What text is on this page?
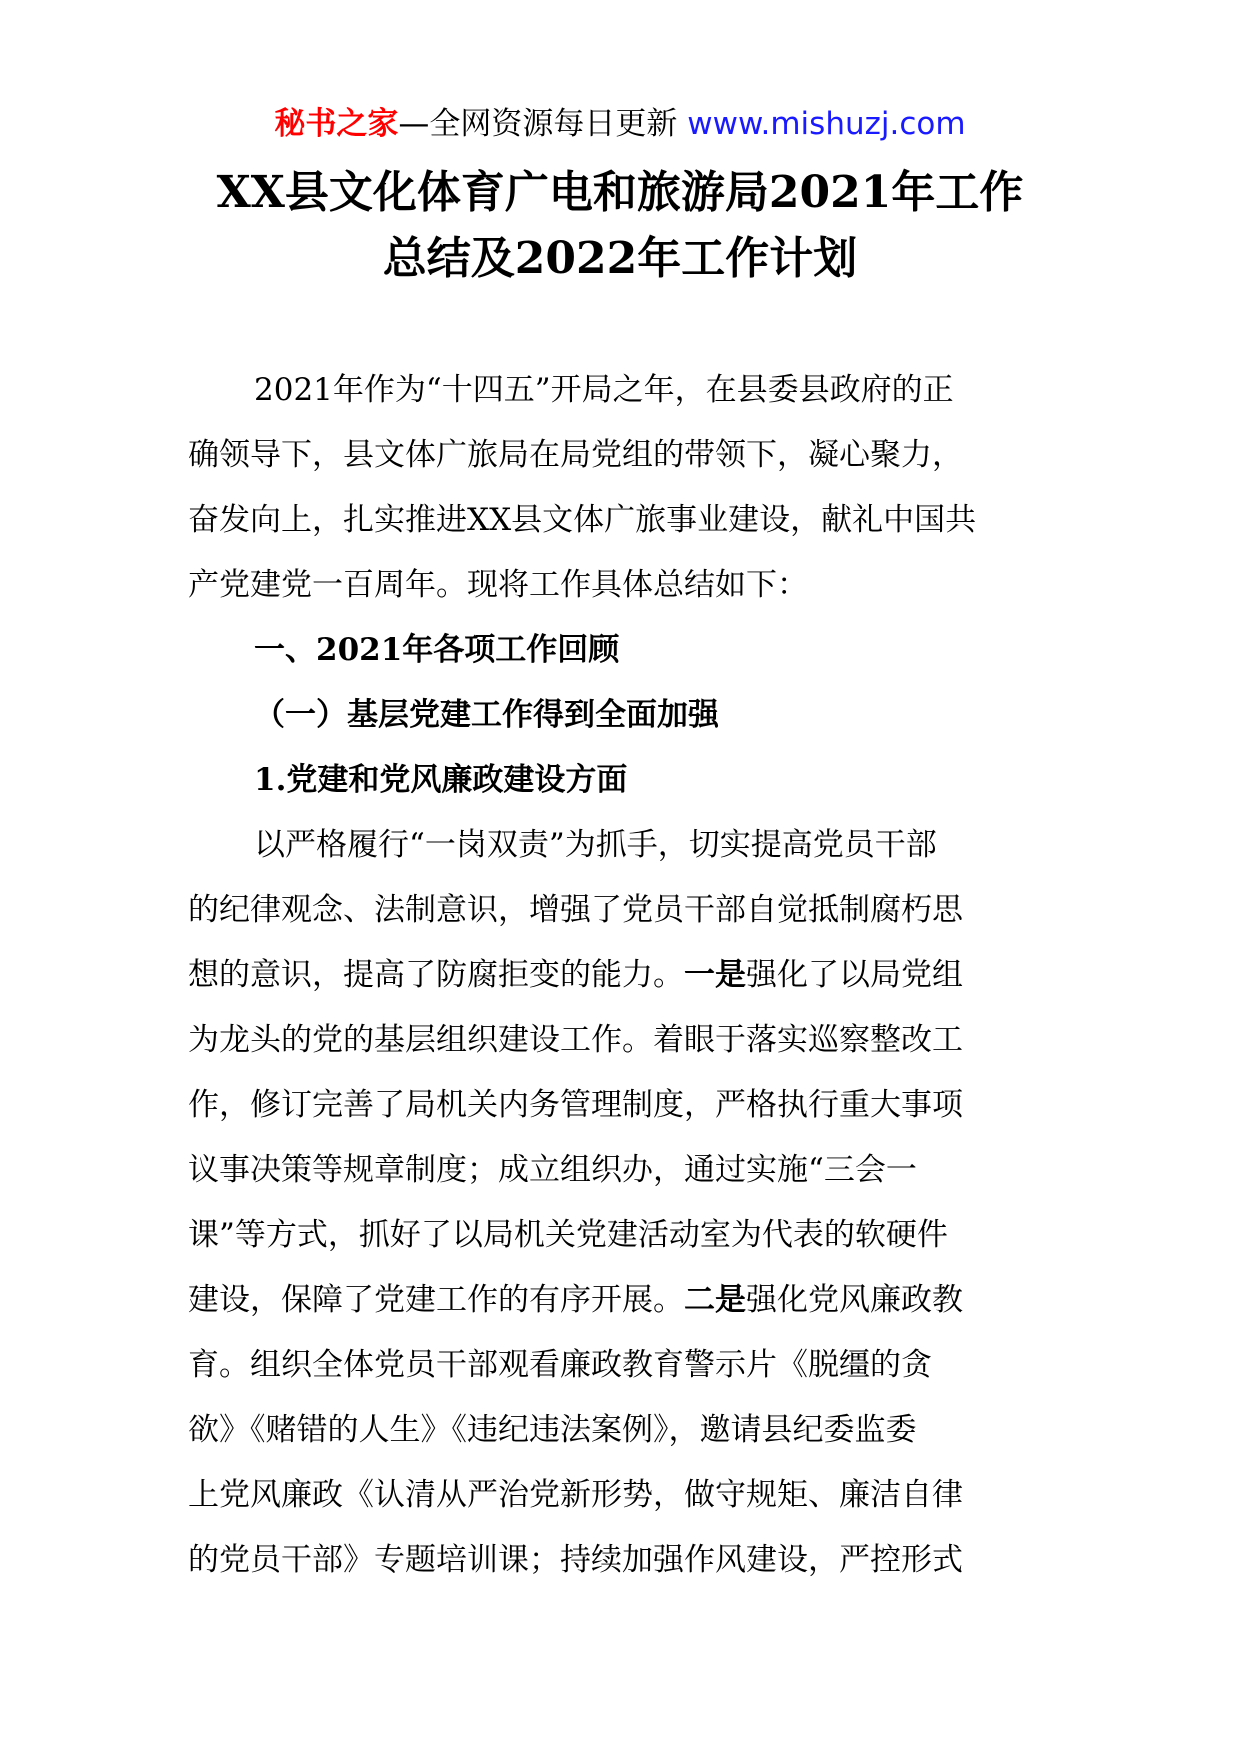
秘书之家—全网资源每日更新 www.mishuzj.com
XX县文化体育广电和旅游局2021年工作
总结及2022年工作计划
2021年作为“十四五”开局之年，在县委县政府的正
确领导下，县文体广旅局在局党组的带领下，凝心聚力，
奋发向上，扎实推进XX县文体广旅事业建设，献礼中国共
产党建党一百周年。现将工作具体总结如下：
一、2021年各项工作回顾
（一）基层党建工作得到全面加强
1.党建和党风廉政建设方面
以严格履行“一岗双责”为抓手，切实提高党员干部
的纪律观念、法制意识，增强了党员干部自觉抵制腐朽思
想的意识，提高了防腐拒变的能力。一是强化了以局党组
为龙头的党的基层组织建设工作。着眼于落实巡察整改工
作，修订完善了局机关内务管理制度，严格执行重大事项
议事决策等规章制度；成立组织办，通过实施“三会一
课”等方式，抓好了以局机关党建活动室为代表的软硬件
建设，保障了党建工作的有序开展。二是强化党风廉政教
育。组织全体党员干部观看廉政教育警示片《脱缰的贪
欲》《赌错的人生》《违纪违法案例》，邀请县纪委监委
上党风廉政《认清从严治党新形势，做守规矩、廉洁自律
的党员干部》专题培训课；持续加强作风建设，严控形式
